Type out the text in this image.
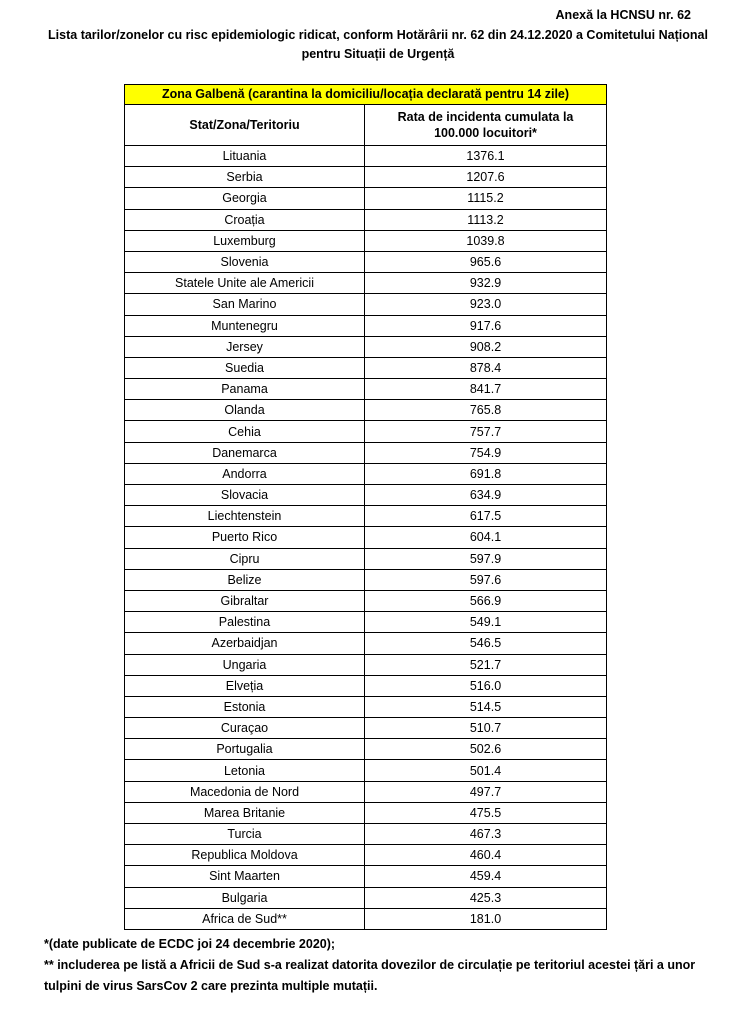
Anexă la HCNSU nr. 62
Lista tarilor/zonelor cu risc epidemiologic ridicat, conform Hotărârii nr. 62 din 24.12.2020 a Comitetului Național
pentru Situații de Urgență
Zona Galbenă (carantina la domiciliu/locația declarată pentru 14 zile)	
Stat/Zona/Teritoriu	Rata de incidenta cumulata la
100.000 locuitori*

Lituania	1376.1
Serbia	1207.6
Georgia	1115.2
Croația	1113.2
Luxemburg	1039.8
Slovenia	965.6
Statele Unite ale Americii	932.9
San Marino	923.0
Muntenegru	917.6
Jersey	908.2
Suedia	878.4
Panama	841.7
Olanda	765.8
Cehia	757.7
Danemarca	754.9
Andorra	691.8
Slovacia	634.9
Liechtenstein	617.5
Puerto Rico	604.1
Cipru	597.9
Belize	597.6
Gibraltar	566.9
Palestina	549.1
Azerbaidjan	546.5
Ungaria	521.7
Elveția	516.0
Estonia	514.5
Curaçao	510.7
Portugalia	502.6
Letonia	501.4
Macedonia de Nord	497.7
Marea Britanie	475.5
Turcia	467.3
Republica Moldova	460.4
Sint Maarten	459.4
Bulgaria	425.3
Africa de Sud**	181.0
*(date publicate de ECDC joi 24 decembrie 2020);
** includerea pe listă a Africii de Sud s-a realizat datorita dovezilor de circulație pe teritoriul acestei țări a unor
tulpini de virus SarsCov 2 care prezinta multiple mutații.
